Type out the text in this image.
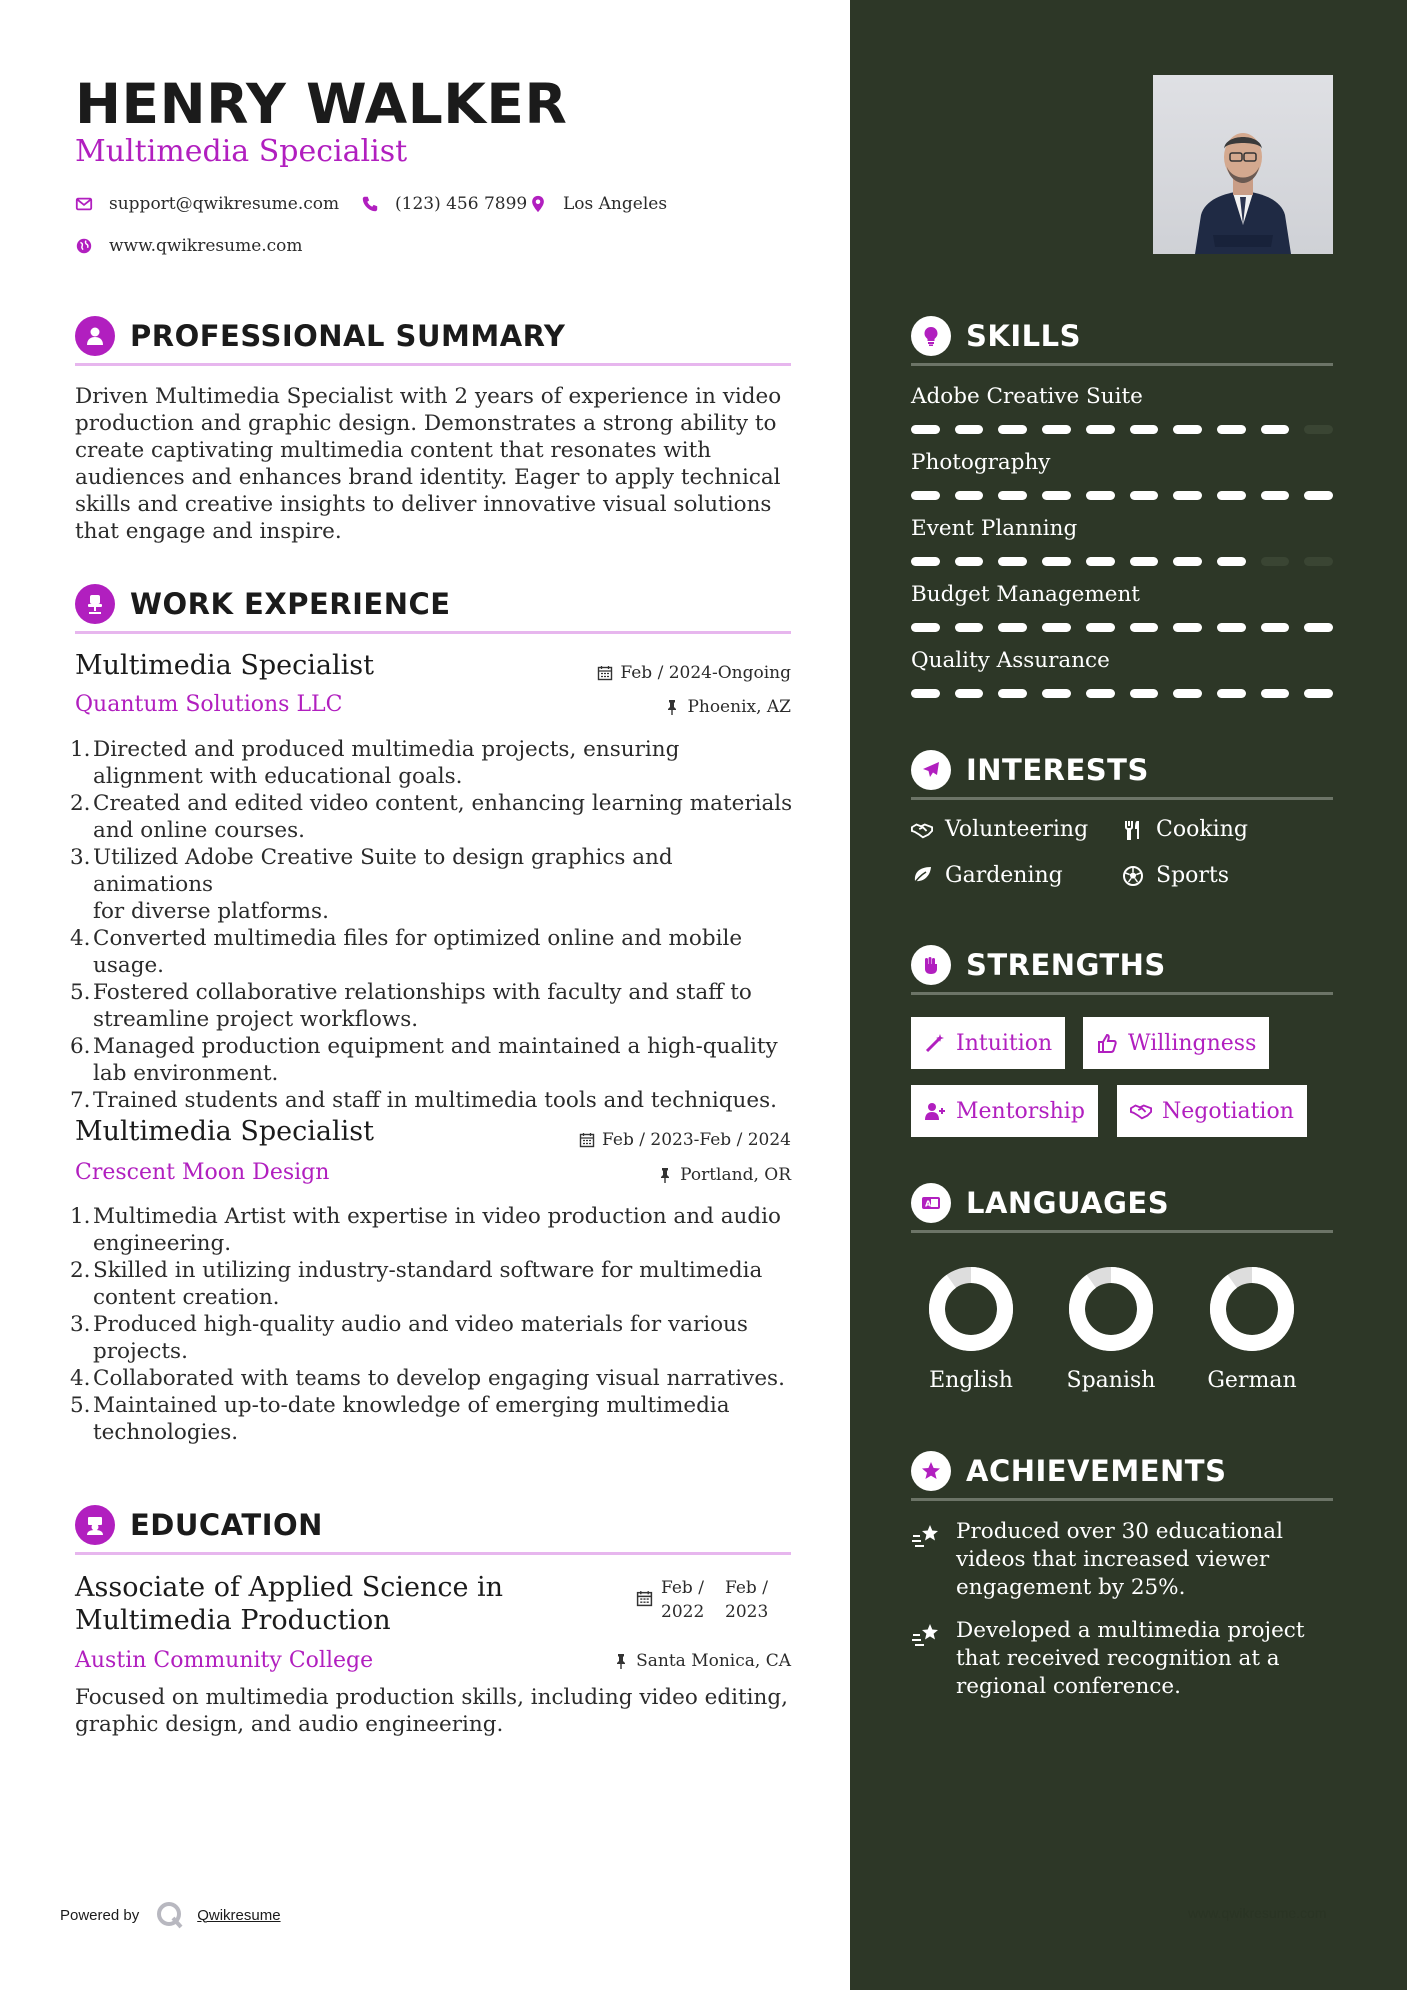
HENRY WALKER
Multimedia Specialist
support@qwikresume.com	(123) 456 7899 Los Angeles
www.qwikresume.com
PROFESSIONAL SUMMARY
Driven Multimedia Specialist with 2 years of experience in video
production and graphic design. Demonstrates a strong ability to
create captivating multimedia content that resonates with
audiences and enhances brand identity. Eager to apply technical
skills and creative insights to deliver innovative visual solutions
that engage and inspire.
WORK EXPERIENCE
Multimedia Specialist
Quantum Solutions LLC
Feb / 2024-Ongoing
Phoenix, AZ
1. Directed and produced multimedia projects, ensuring
alignment with educational goals.
2. Created and edited video content, enhancing learning materials
and online courses.
3. Utilized Adobe Creative Suite to design graphics and animations
for diverse platforms.
4. Converted multimedia files for optimized online and mobile
usage.
5. Fostered collaborative relationships with faculty and staff to
streamline project workflows.
6. Managed production equipment and maintained a high-quality
lab environment.
7. Trained students and staff in multimedia tools and techniques.
Multimedia Specialist
Crescent Moon Design
Feb / 2023-Feb / 2024
Portland, OR
1. Multimedia Artist with expertise in video production and audio
engineering.
2. Skilled in utilizing industry-standard software for multimedia
content creation.
3. Produced high-quality audio and video materials for various
projects.
4. Collaborated with teams to develop engaging visual narratives.
5. Maintained up-to-date knowledge of emerging multimedia
technologies.
EDUCATION
Associate of Applied Science in
Multimedia Production
Feb /
2022
Feb /
2023
Austin Community College	Santa Monica, CA
Focused on multimedia production skills, including video editing,
graphic design, and audio engineering.
Powered by	Qwikresume
SKILLS
Adobe Creative Suite
Photography
Event Planning
Budget Management
Quality Assurance
INTERESTS
Volunteering	Cooking
Gardening	Sports
STRENGTHS
Intuition	Willingness
Mentorship	Negotiation
A LANGUAGES
English	Spanish	German
ACHIEVEMENTS
Produced over 30 educational
videos that increased viewer
engagement by 25%.
Developed a multimedia project
that received recognition at a
regional conference.
www.qwikresume.com
